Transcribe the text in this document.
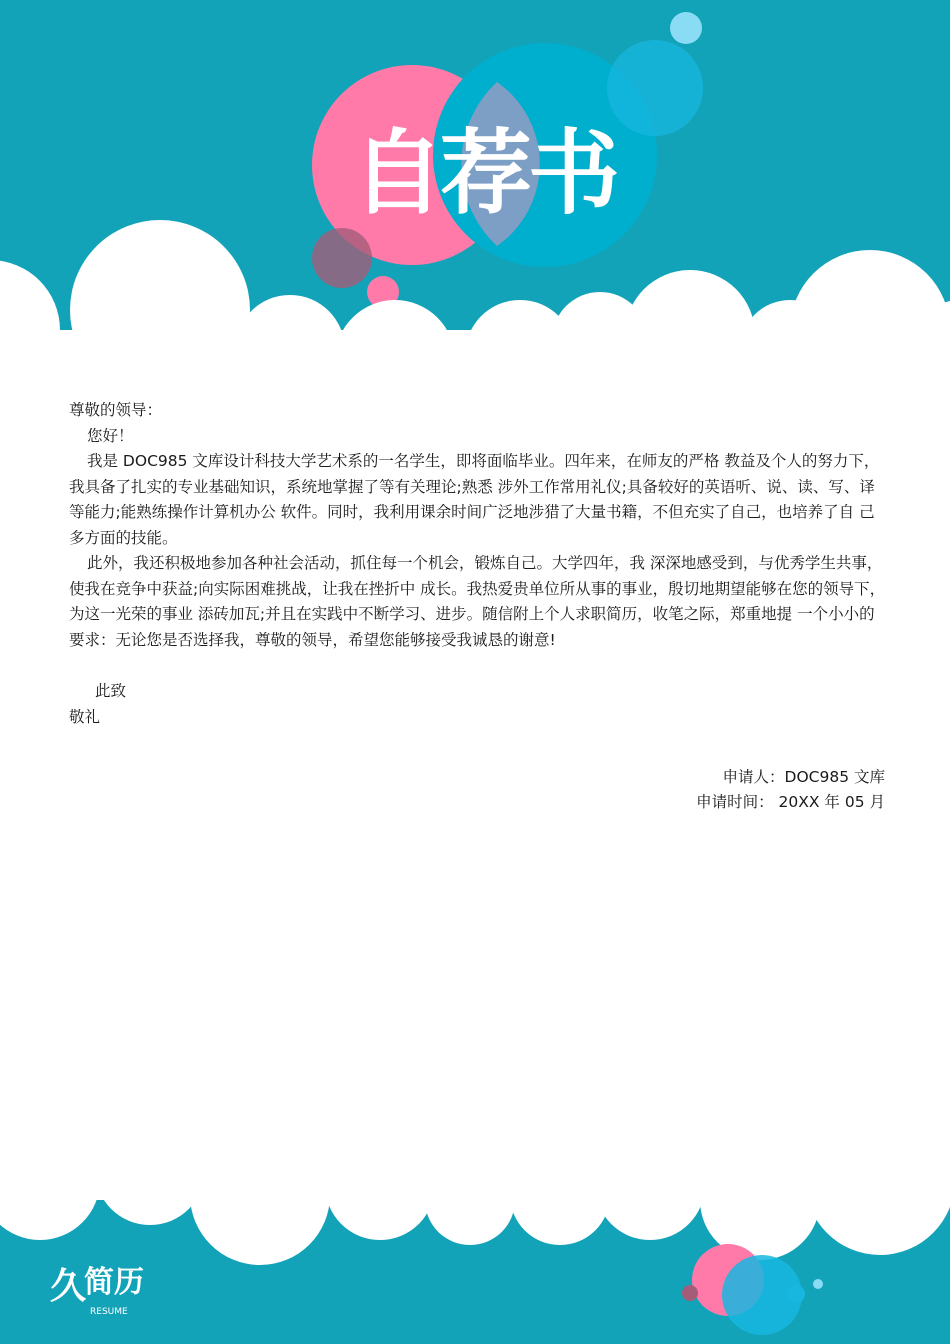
自荐书

尊敬的领导：

您好！

我是 DOC985 文库设计科技大学艺术系的一名学生，即将面临毕业。四年来，在师友的严格 教益及个人的努力下，我具备了扎实的专业基础知识，系统地掌握了等有关理论;熟悉 涉外工作常用礼仪;具备较好的英语听、说、读、写、译等能力;能熟练操作计算机办公 软件。同时，我利用课余时间广泛地涉猎了大量书籍，不但充实了自己，也培养了自 己多方面的技能。

此外，我还积极地参加各种社会活动，抓住每一个机会，锻炼自己。大学四年，我 深深地感受到，与优秀学生共事，使我在竞争中获益;向实际困难挑战，让我在挫折中 成长。我热爱贵单位所从事的事业，殷切地期望能够在您的领导下，为这一光荣的事业 添砖加瓦;并且在实践中不断学习、进步。随信附上个人求职简历，收笔之际，郑重地提 一个小小的要求：无论您是否选择我，尊敬的领导，希望您能够接受我诚恳的谢意!

此致

敬礼

申请人：DOC985 文库
申请时间： 20XX 年 05 月
久
简历
RESUME
